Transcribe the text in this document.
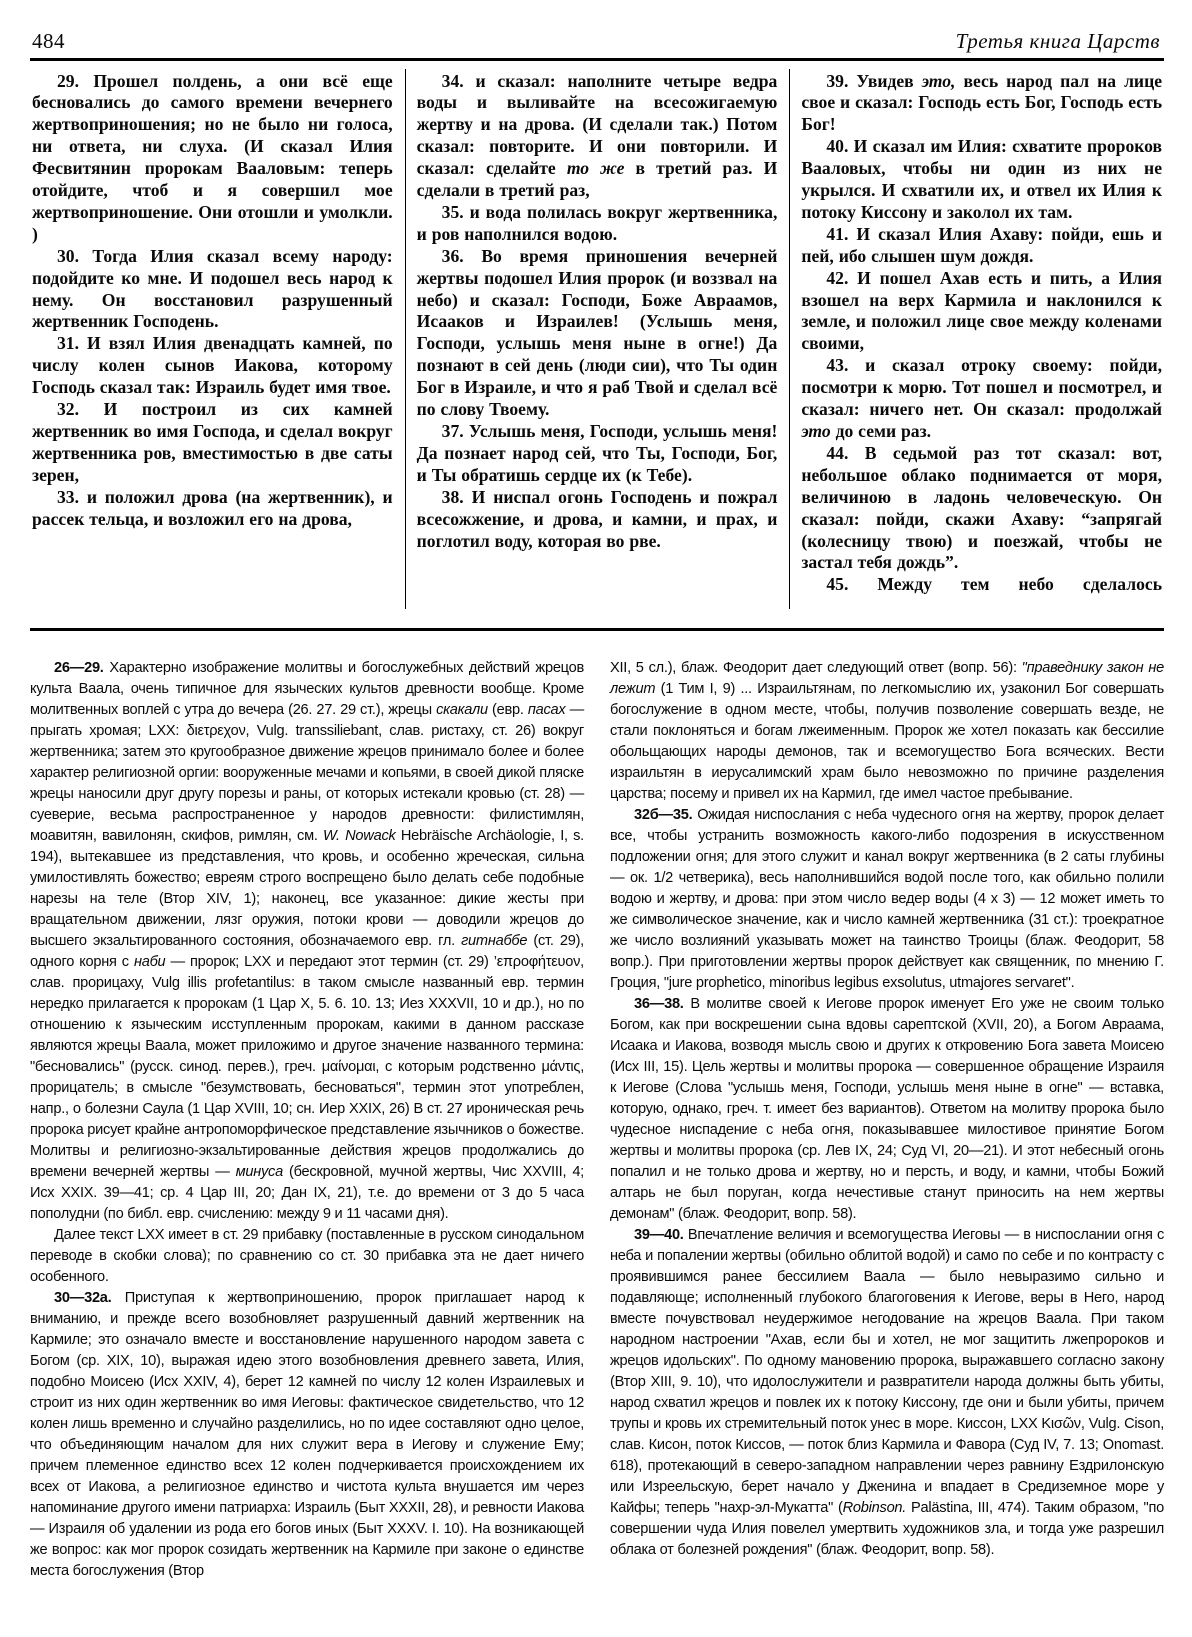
484	Третья книга Царств

29. Прошел полдень, а они всё еще бесновались до самого времени вечернего жертвоприношения; но не было ни голоса, ни ответа, ни слуха. (И сказал Илия Фесвитянин пророкам Вааловым: теперь отойдите, чтоб и я совершил мое жертвоприношение. Они отошли и умолкли. )

30. Тогда Илия сказал всему народу: подойдите ко мне. И подошел весь народ к нему. Он восстановил разрушенный жертвенник Господень.

31. И взял Илия двенадцать камней, по числу колен сынов Иакова, которому Господь сказал так: Израиль будет имя твое.

32. И построил из сих камней жертвенник во имя Господа, и сделал вокруг жертвенника ров, вместимостью в две саты зерен,

33. и положил дрова (на жертвенник), и рассек тельца, и возложил его на дрова,

34. и сказал: наполните четыре ведра воды и выливайте на всесожигаемую жертву и на дрова. (И сделали так.) Потом сказал: повторите. И они повторили. И сказал: сделайте то же в третий раз. И сделали в третий раз,

35. и вода полилась вокруг жертвенника, и ров наполнился водою.

36. Во время приношения вечерней жертвы подошел Илия пророк (и воззвал на небо) и сказал: Господи, Боже Авраамов, Исааков и Израилев! (Услышь меня, Господи, услышь меня ныне в огне!) Да познают в сей день (люди сии), что Ты один Бог в Израиле, и что я раб Твой и сделал всё по слову Твоему.

37. Услышь меня, Господи, услышь меня! Да познает народ сей, что Ты, Господи, Бог, и Ты обратишь сердце их (к Тебе).

38. И ниспал огонь Господень и пожрал всесожжение, и дрова, и камни, и прах, и поглотил воду, которая во рве.

39. Увидев это, весь народ пал на лице свое и сказал: Господь есть Бог, Господь есть Бог!

40. И сказал им Илия: схватите пророков Вааловых, чтобы ни один из них не укрылся. И схватили их, и отвел их Илия к потоку Киссону и заколол их там.

41. И сказал Илия Ахаву: пойди, ешь и пей, ибо слышен шум дождя.

42. И пошел Ахав есть и пить, а Илия взошел на верх Кармила и наклонился к земле, и положил лице свое между коленами своими,

43. и сказал отроку своему: пойди, посмотри к морю. Тот пошел и посмотрел, и сказал: ничего нет. Он сказал: продолжай это до семи раз.

44. В седьмой раз тот сказал: вот, небольшое облако поднимается от моря, величиною в ладонь человеческую. Он сказал: пойди, скажи Ахаву: “запрягай (колесницу твою) и поезжай, чтобы не застал тебя дождь”.

45. Между тем небо сделалось

26—29. Характерно изображение молитвы и богослужебных действий жрецов культа Ваала, очень типичное для языческих культов древности вообще. Кроме молитвенных воплей с утра до вечера (26. 27. 29 ст.), жрецы скакали (евр. пасах — прыгать хромая; LXX: διετρεχον, Vulg. transsiliebant, слав. ристаху, ст. 26) вокруг жертвенника; затем это кругообразное движение жрецов принимало более и более характер религиозной оргии: вооруженные мечами и копьями, в своей дикой пляске жрецы наносили друг другу порезы и раны, от которых истекали кровью (ст. 28) — суеверие, весьма распространенное у народов древности: филистимлян, моавитян, вавилонян, скифов, римлян, см. W. Nowack Hebräische Archäologie, I, s. 194), вытекавшее из представления, что кровь, и особенно жреческая, сильна умилостивлять божество; евреям строго воспрещено было делать себе подобные нарезы на теле (Втор XIV, 1); наконец, все указанное: дикие жесты при вращательном движении, лязг оружия, потоки крови — доводили жрецов до высшего экзальтированного состояния, обозначаемого евр. гл. гитнаббе (ст. 29), одного корня с наби — пророк; LXX и передают этот термин (ст. 29) ’επροφήτευον, слав. прорицаху, Vulg illis profetantilus: в таком смысле названный евр. термин нередко прилагается к пророкам (1 Цар X, 5. 6. 10. 13; Иез XXXVII, 10 и др.), но по отношению к языческим исступленным пророкам, какими в данном рассказе являются жрецы Ваала, может приложимо и другое значение названного термина: "бесновались" (русск. синод. перев.), греч. μαίνομαι, с которым родственно μάντις, прорицатель; в смысле "безумствовать, бесноваться", термин этот употреблен, напр., о болезни Саула (1 Цар XVIII, 10; сн. Иер XXIX, 26) В ст. 27 ироническая речь пророка рисует крайне антропоморфическое представление язычников о божестве. Молитвы и религиозно-экзальтированные действия жрецов продолжались до времени вечерней жертвы — минуса (бескровной, мучной жертвы, Чис XXVIII, 4; Исх XXIX. 39—41; ср. 4 Цар III, 20; Дан IX, 21), т.е. до времени от 3 до 5 часа пополудни (по библ. евр. счислению: между 9 и 11 часами дня).

Далее текст LXX имеет в ст. 29 прибавку (поставленные в русском синодальном переводе в скобки слова); по сравнению со ст. 30 прибавка эта не дает ничего особенного.

30—32а. Приступая к жертвоприношению, пророк приглашает народ к вниманию, и прежде всего возобновляет разрушенный давний жертвенник на Кармиле; это означало вместе и восстановление нарушенного народом завета с Богом (ср. XIX, 10), выражая идею этого возобновления древнего завета, Илия, подобно Моисею (Исх XXIV, 4), берет 12 камней по числу 12 колен Израилевых и строит из них один жертвенник во имя Иеговы: фактическое свидетельство, что 12 колен лишь временно и случайно разделились, но по идее составляют одно целое, что объединяющим началом для них служит вера в Иегову и служение Ему; причем племенное единство всех 12 колен подчеркивается происхождением их всех от Иакова, а религиозное единство и чистота культа внушается им через напоминание другого имени патриарха: Израиль (Быт XXXII, 28), и ревности Иакова — Израиля об удалении из рода его богов иных (Быт XXXV. I. 10). На возникающей же вопрос: как мог пророк созидать жертвенник на Кармиле при законе о единстве места богослужения (Втор

XII, 5 сл.), блаж. Феодорит дает следующий ответ (вопр. 56): "праведнику закон не лежит (1 Тим I, 9) ... Израильтянам, по легкомыслию их, узаконил Бог совершать богослужение в одном месте, чтобы, получив позволение совершать везде, не стали поклоняться и богам лжеименным. Пророк же хотел показать как бессилие обольщающих народы демонов, так и всемогущество Бога всяческих. Вести израильтян в иерусалимский храм было невозможно по причине разделения царства; посему и привел их на Кармил, где имел частое пребывание.

32б—35. Ожидая ниспослания с неба чудесного огня на жертву, пророк делает все, чтобы устранить возможность какого-либо подозрения в искусственном подложении огня; для этого служит и канал вокруг жертвенника (в 2 саты глубины — ок. 1/2 четверика), весь наполнившийся водой после того, как обильно полили водою и жертву, и дрова: при этом число ведер воды (4 х 3) — 12 может иметь то же символическое значение, как и число камней жертвенника (31 ст.): троекратное же число возлияний указывать может на таинство Троицы (блаж. Феодорит, 58 вопр.). При приготовлении жертвы пророк действует как священник, по мнению Г. Гроция, "jure prophetico, minoribus legibus exsolutus, utmajores servaret".

36—38. В молитве своей к Иегове пророк именует Его уже не своим только Богом, как при воскрешении сына вдовы сарептской (XVII, 20), а Богом Авраама, Исаака и Иакова, возводя мысль свою и других к откровению Бога завета Моисею (Исх III, 15). Цель жертвы и молитвы пророка — совершенное обращение Израиля к Иегове (Слова "услышь меня, Господи, услышь меня ныне в огне" — вставка, которую, однако, греч. т. имеет без вариантов). Ответом на молитву пророка было чудесное ниспадение с неба огня, показывавшее милостивое принятие Богом жертвы и молитвы пророка (ср. Лев IX, 24; Суд VI, 20—21). И этот небесный огонь попалил и не только дрова и жертву, но и персть, и воду, и камни, чтобы Божий алтарь не был поруган, когда нечестивые станут приносить на нем жертвы демонам" (блаж. Феодорит, вопр. 58).

39—40. Впечатление величия и всемогущества Иеговы — в ниспослании огня с неба и попалении жертвы (обильно облитой водой) и само по себе и по контрасту с проявившимся ранее бессилием Ваала — было невыразимо сильно и подавляюще; исполненный глубокого благоговения к Иегове, веры в Него, народ вместе почувствовал неудержимое негодование на жрецов Ваала. При таком народном настроении "Ахав, если бы и хотел, не мог защитить лжепророков и жрецов идольских". По одному мановению пророка, выражавшего согласно закону (Втор XIII, 9. 10), что идолослужители и развратители народа должны быть убиты, народ схватил жрецов и повлек их к потоку Киссону, где они и были убиты, причем трупы и кровь их стремительный поток унес в море. Киссон, LXX Κισῶν, Vulg. Cison, слав. Кисон, поток Киссов, — поток близ Кармила и Фавора (Суд IV, 7. 13; Onomast. 618), протекающий в северо-западном направлении через равнину Ездрилонскую или Изреельскую, берет начало у Дженина и впадает в Средиземное море у Кайфы; теперь "нахр-эл-Мукатта" (Robinson. Palästina, III, 474). Таким образом, "по совершении чуда Илия повелел умертвить художников зла, и тогда уже разрешил облака от болезней рождения" (блаж. Феодорит, вопр. 58).
